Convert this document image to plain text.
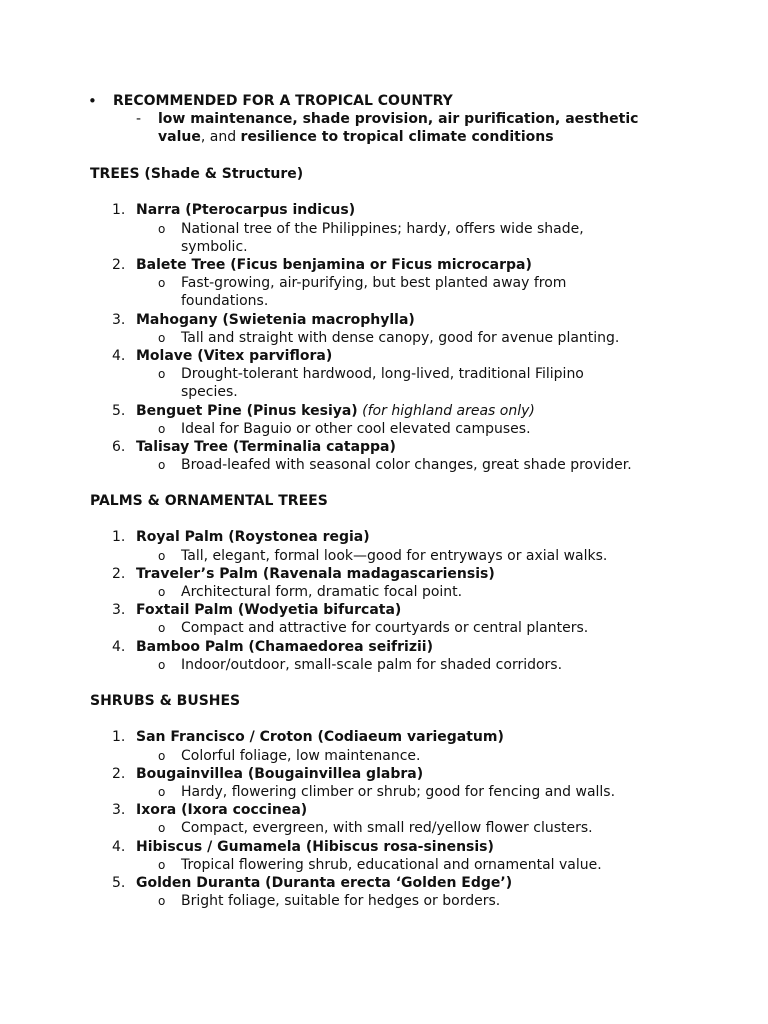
• RECOMMENDED FOR A TROPICAL COUNTRY
- low maintenance, shade provision, air purification, aesthetic
value, and resilience to tropical climate conditions
TREES (Shade & Structure)
1. Narra (Pterocarpus indicus)
o National tree of the Philippines; hardy, offers wide shade,
symbolic.
2. Balete Tree (Ficus benjamina or Ficus microcarpa)
o Fast-growing, air-purifying, but best planted away from
foundations.
3. Mahogany (Swietenia macrophylla)
o Tall and straight with dense canopy, good for avenue planting.
4. Molave (Vitex parviflora)
o Drought-tolerant hardwood, long-lived, traditional Filipino
species.
5. Benguet Pine (Pinus kesiya) (for highland areas only)
o Ideal for Baguio or other cool elevated campuses.
6. Talisay Tree (Terminalia catappa)
o Broad-leafed with seasonal color changes, great shade provider.
PALMS & ORNAMENTAL TREES
1. Royal Palm (Roystonea regia)
o Tall, elegant, formal look—good for entryways or axial walks.
2. Traveler’s Palm (Ravenala madagascariensis)
o Architectural form, dramatic focal point.
3. Foxtail Palm (Wodyetia bifurcata)
o Compact and attractive for courtyards or central planters.
4. Bamboo Palm (Chamaedorea seifrizii)
o Indoor/outdoor, small-scale palm for shaded corridors.
SHRUBS & BUSHES
1. San Francisco / Croton (Codiaeum variegatum)
o Colorful foliage, low maintenance.
2. Bougainvillea (Bougainvillea glabra)
o Hardy, flowering climber or shrub; good for fencing and walls.
3. Ixora (Ixora coccinea)
o Compact, evergreen, with small red/yellow flower clusters.
4. Hibiscus / Gumamela (Hibiscus rosa-sinensis)
o Tropical flowering shrub, educational and ornamental value.
5. Golden Duranta (Duranta erecta ‘Golden Edge’)
o Bright foliage, suitable for hedges or borders.
